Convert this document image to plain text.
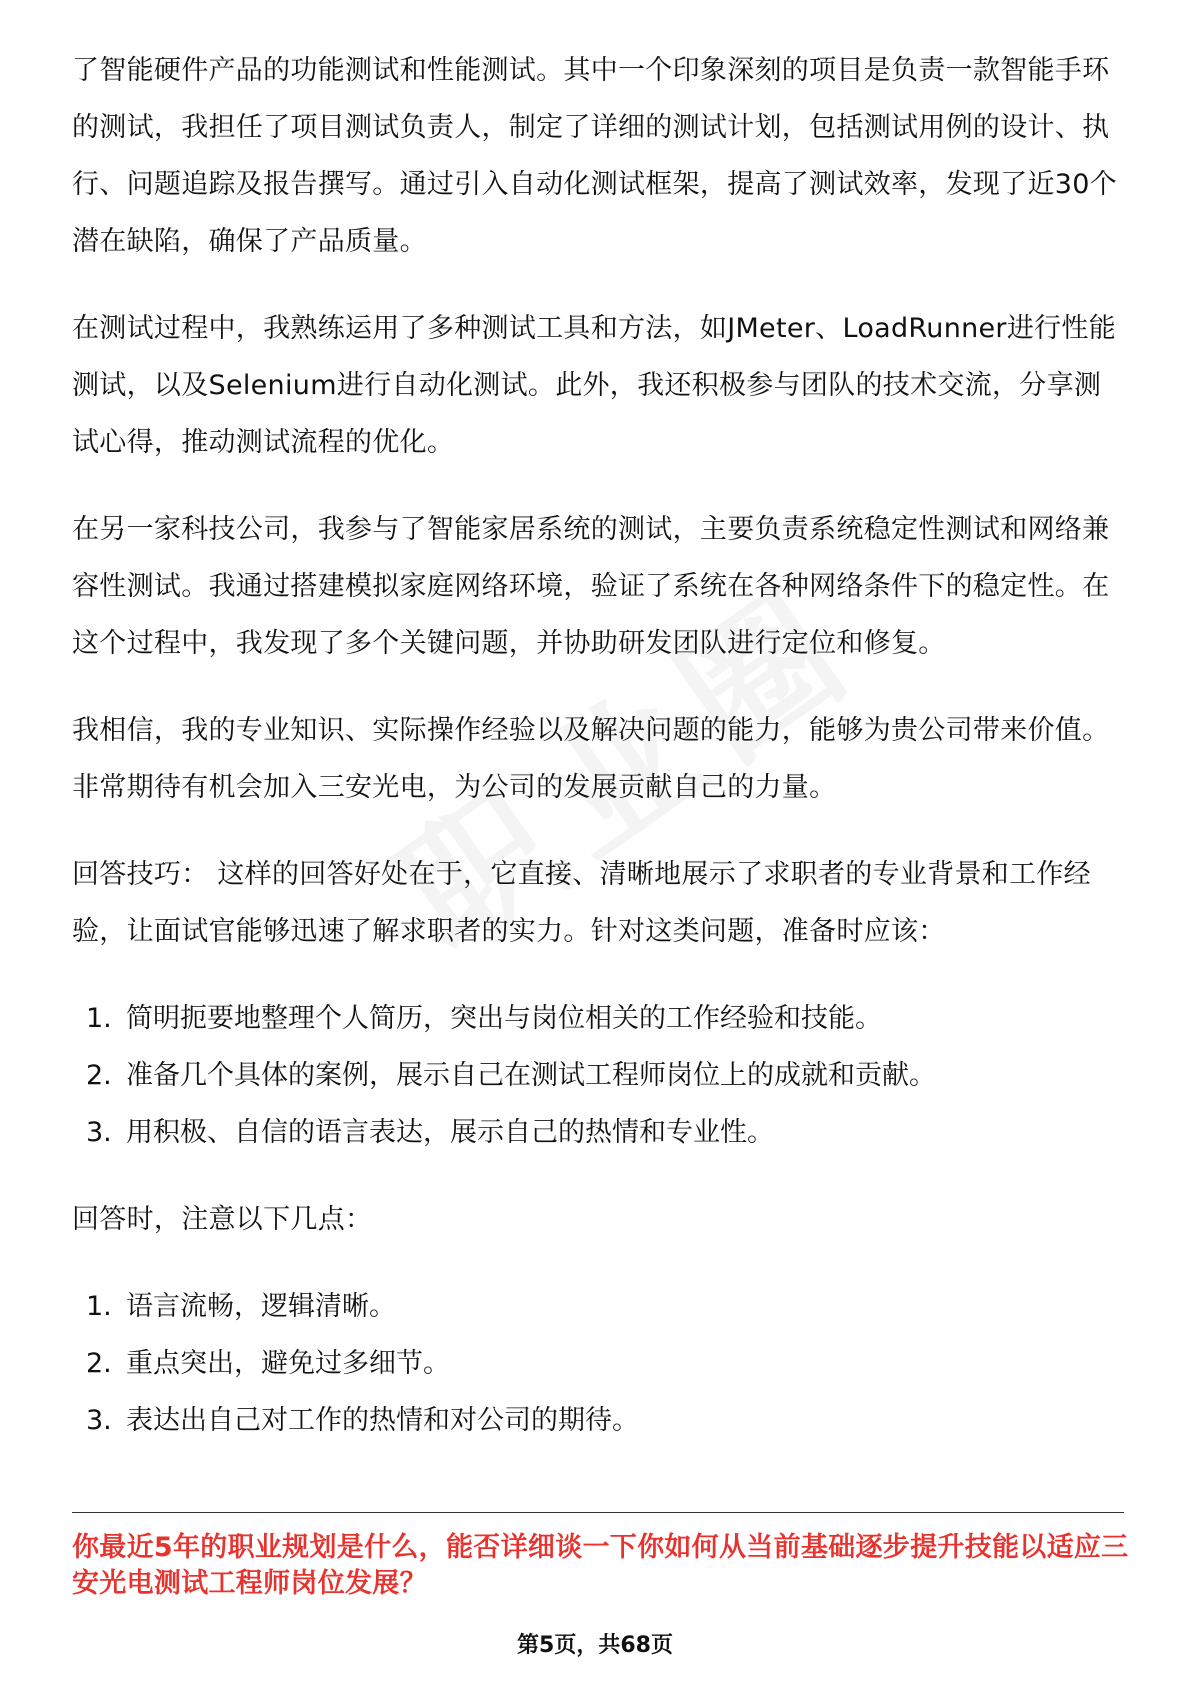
了智能硬件产品的功能测试和性能测试。其中一个印象深刻的项目是负责一款智能手环的测试，我担任了项目测试负责人，制定了详细的测试计划，包括测试用例的设计、执行、问题追踪及报告撰写。通过引入自动化测试框架，提高了测试效率，发现了近30个潜在缺陷，确保了产品质量。

在测试过程中，我熟练运用了多种测试工具和方法，如JMeter、LoadRunner进行性能测试，以及Selenium进行自动化测试。此外，我还积极参与团队的技术交流，分享测试心得，推动测试流程的优化。

在另一家科技公司，我参与了智能家居系统的测试，主要负责系统稳定性测试和网络兼容性测试。我通过搭建模拟家庭网络环境，验证了系统在各种网络条件下的稳定性。在这个过程中，我发现了多个关键问题，并协助研发团队进行定位和修复。

我相信，我的专业知识、实际操作经验以及解决问题的能力，能够为贵公司带来价值。非常期待有机会加入三安光电，为公司的发展贡献自己的力量。

回答技巧： 这样的回答好处在于，它直接、清晰地展示了求职者的专业背景和工作经验，让面试官能够迅速了解求职者的实力。针对这类问题，准备时应该：

1. 简明扼要地整理个人简历，突出与岗位相关的工作经验和技能。
2. 准备几个具体的案例，展示自己在测试工程师岗位上的成就和贡献。
3. 用积极、自信的语言表达，展示自己的热情和专业性。

回答时，注意以下几点：

1. 语言流畅，逻辑清晰。
2. 重点突出，避免过多细节。
3. 表达出自己对工作的热情和对公司的期待。
你最近5年的职业规划是什么，能否详细谈一下你如何从当前基础逐步提升技能以适应三安光电测试工程师岗位发展？
第5页，共68页
